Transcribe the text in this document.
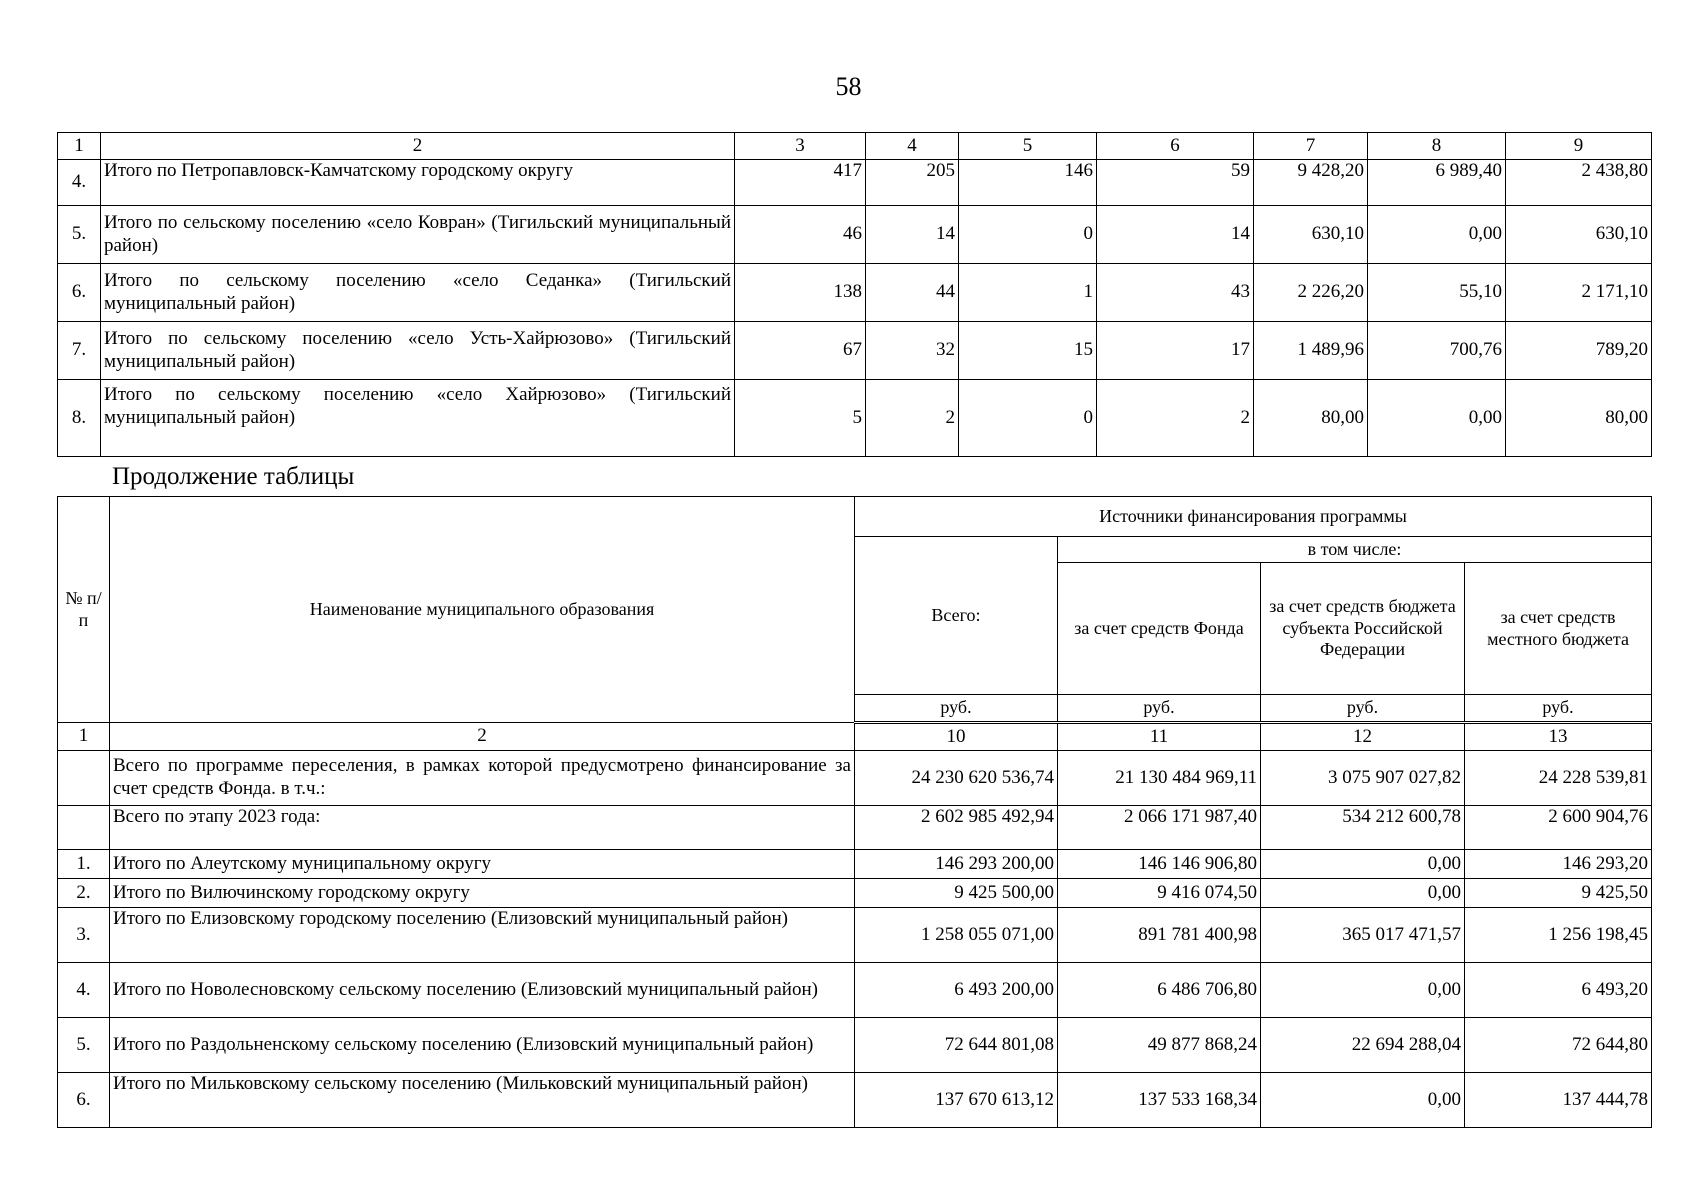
58
1	2	3	4	5	6	7	8	9
4.	Итого по Петропавловск-Камчатскому городскому округу	417	205	146	59	9 428,20	6 989,40	2 438,80
5.	Итого по сельскому поселению «село Ковран» (Тигильский муниципальный район)	46	14	0	14	630,10	0,00	630,10
6.	Итого по сельскому поселению «село Седанка» (Тигильский муниципальный район)	138	44	1	43	2 226,20	55,10	2 171,10
7.	Итого по сельскому поселению «село Усть-Хайрюзово» (Тигильский муниципальный район)	67	32	15	17	1 489,96	700,76	789,20
8.	Итого по сельскому поселению «село Хайрюзово» (Тигильский муниципальный район)	5	2	0	2	80,00	0,00	80,00
Продолжение таблицы
№ п/п	Наименование муниципального образования	Источники финансирования программы			
		Всего:	в том числе:		
			за счет средств Фонда	за счет средств бюджета субъекта Российской Федерации	за счет средств местного бюджета
		руб.	руб.	руб.	руб.
1	2	10	11	12	13
	Всего по программе переселения, в рамках которой предусмотрено финансирование за счет средств Фонда. в т.ч.:	24 230 620 536,74	21 130 484 969,11	3 075 907 027,82	24 228 539,81
	Всего по этапу 2023 года:	2 602 985 492,94	2 066 171 987,40	534 212 600,78	2 600 904,76
1.	Итого по Алеутскому муниципальному округу	146 293 200,00	146 146 906,80	0,00	146 293,20
2.	Итого по Вилючинскому городскому округу	9 425 500,00	9 416 074,50	0,00	9 425,50
3.	Итого по Елизовскому городскому поселению (Елизовский муниципальный район)	1 258 055 071,00	891 781 400,98	365 017 471,57	1 256 198,45
4.	Итого по Новолесновскому сельскому поселению (Елизовский муниципальный район)	6 493 200,00	6 486 706,80	0,00	6 493,20
5.	Итого по Раздольненскому сельскому поселению (Елизовский муниципальный район)	72 644 801,08	49 877 868,24	22 694 288,04	72 644,80
6.	Итого по Мильковскому сельскому поселению (Мильковский муниципальный район)	137 670 613,12	137 533 168,34	0,00	137 444,78
